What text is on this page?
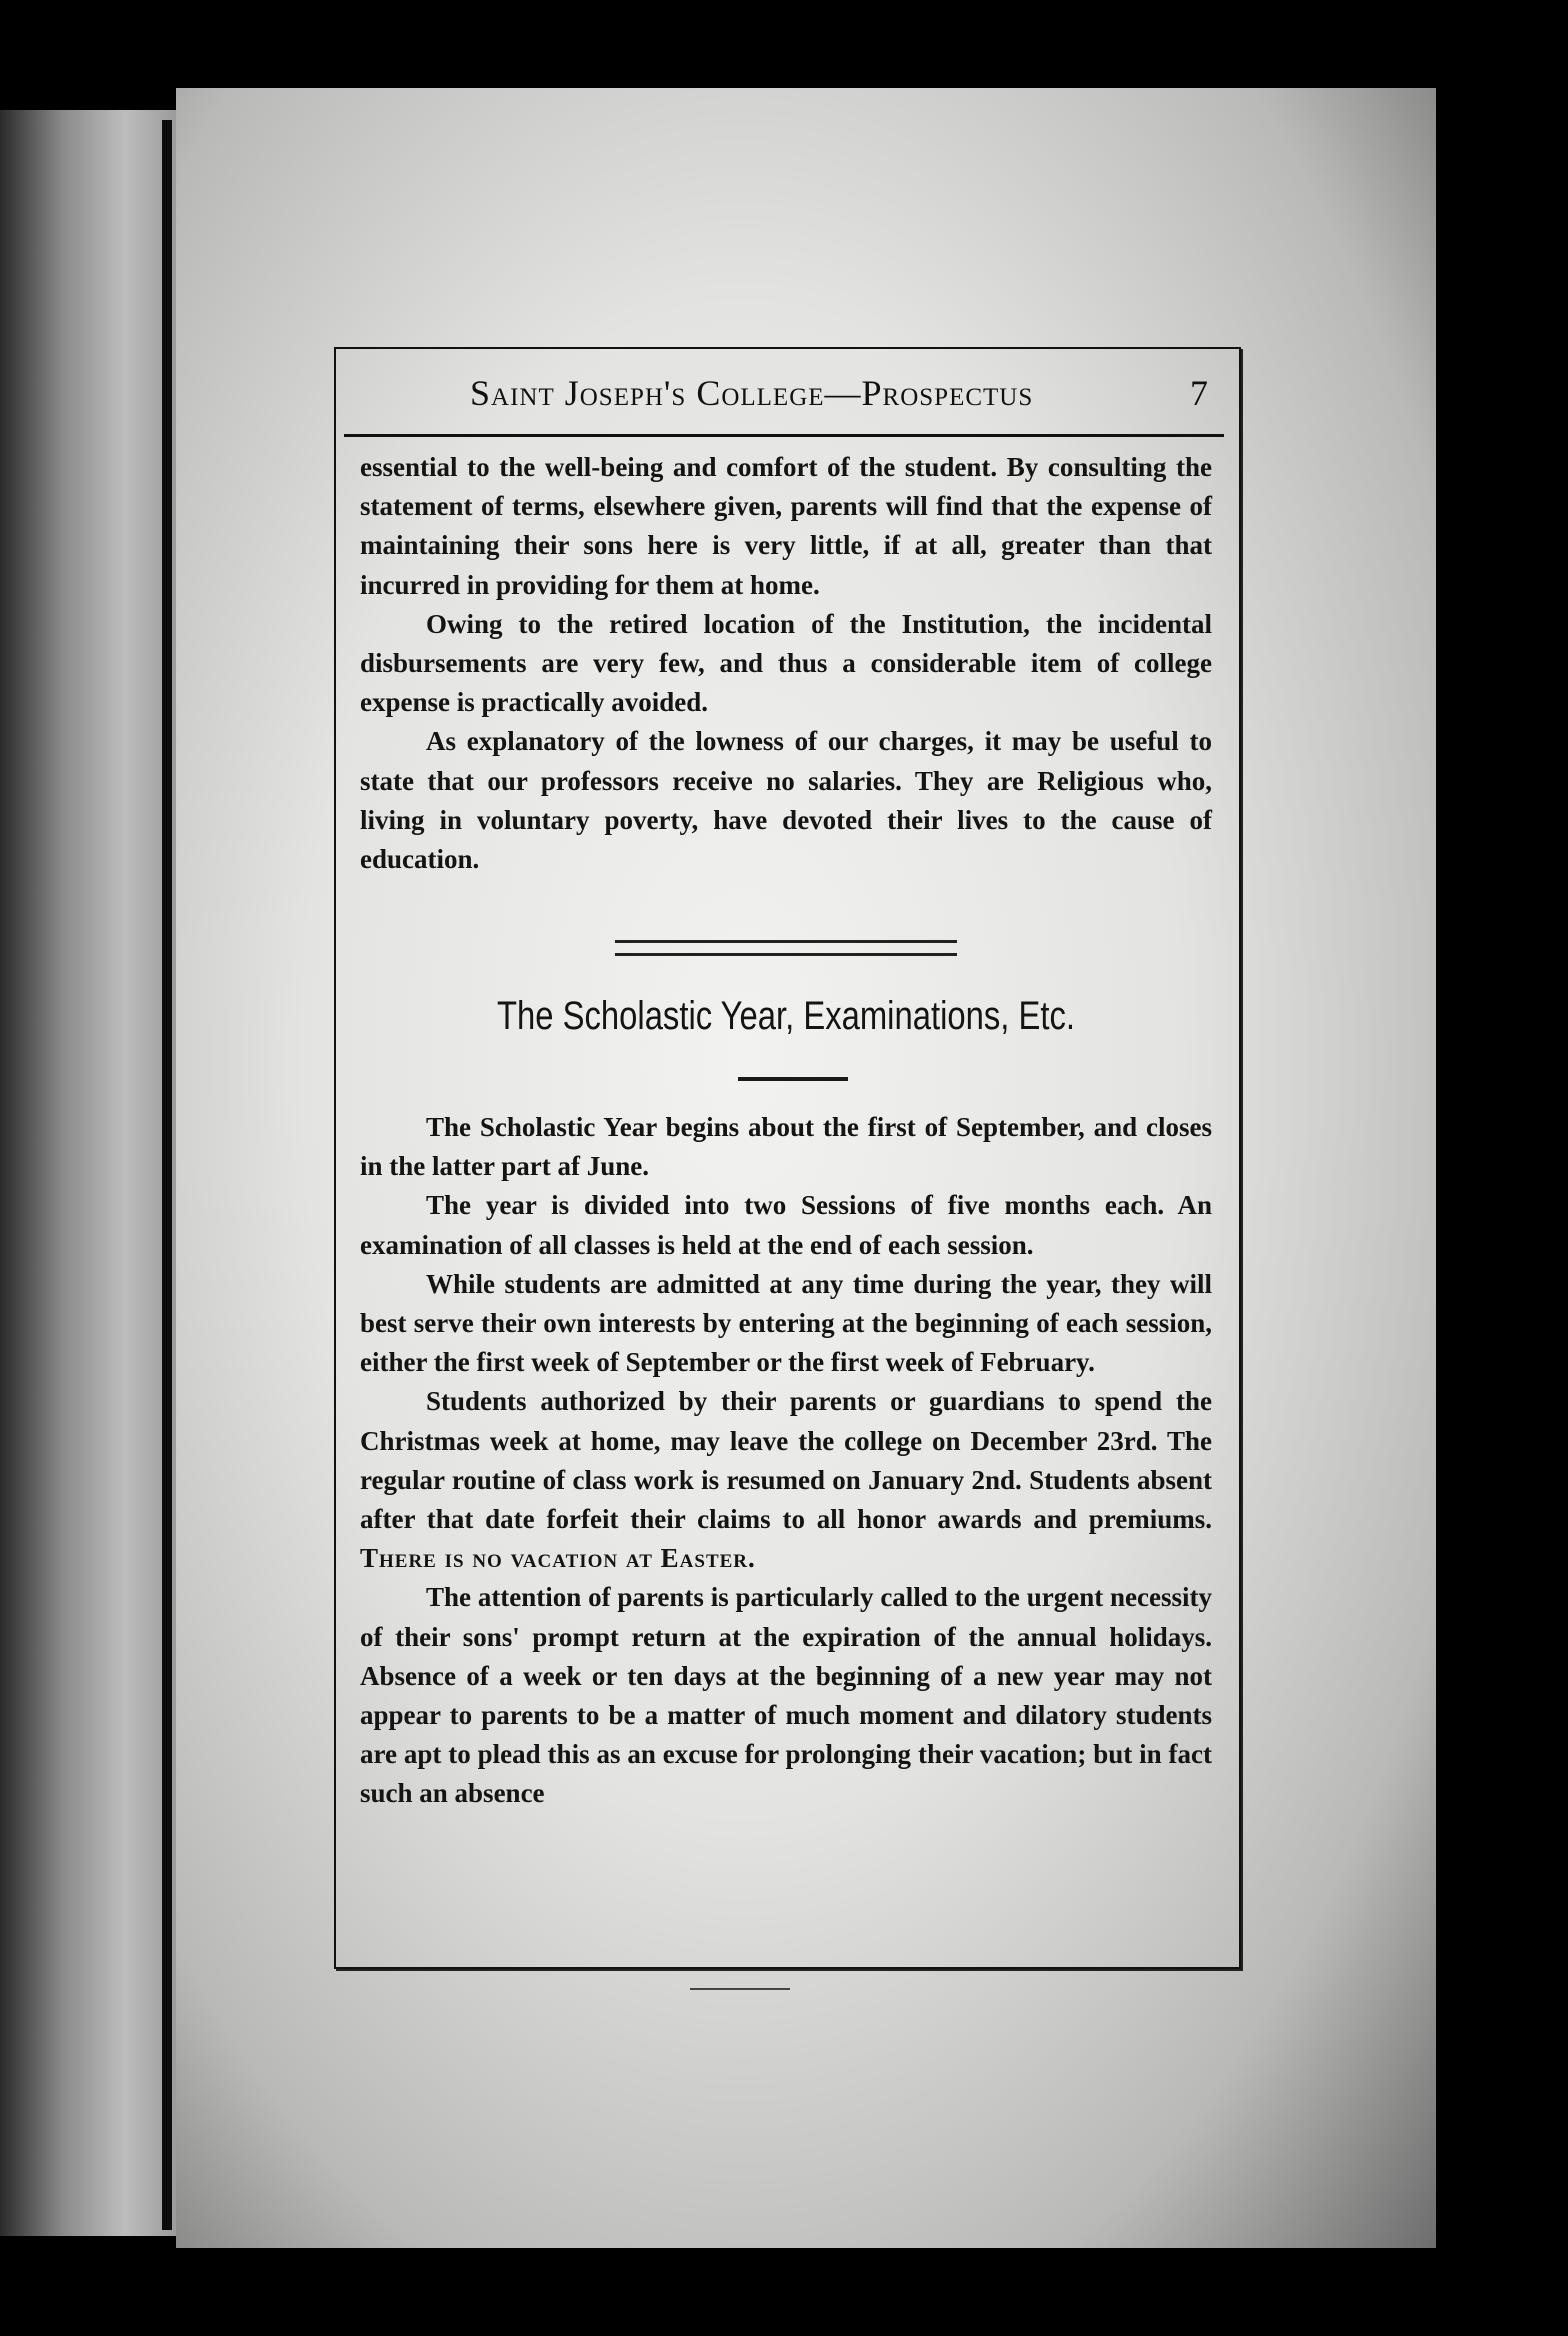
Saint Joseph's College—Prospectus	7

essential to the well-being and comfort of the student. By consulting the statement of terms, elsewhere given, parents will find that the expense of maintaining their sons here is very little, if at all, greater than that incurred in providing for them at home.

Owing to the retired location of the Institution, the incidental disbursements are very few, and thus a considerable item of college expense is practically avoided.

As explanatory of the lowness of our charges, it may be useful to state that our professors receive no salaries. They are Religious who, living in voluntary poverty, have devoted their lives to the cause of education.

The Scholastic Year, Examinations, Etc.

The Scholastic Year begins about the first of September, and closes in the latter part af June.

The year is divided into two Sessions of five months each. An examination of all classes is held at the end of each session.

While students are admitted at any time during the year, they will best serve their own interests by entering at the beginning of each session, either the first week of September or the first week of February.

Students authorized by their parents or guardians to spend the Christmas week at home, may leave the college on December 23rd. The regular routine of class work is resumed on January 2nd. Students absent after that date forfeit their claims to all honor awards and premiums. There is no vacation at Easter.

The attention of parents is particularly called to the urgent necessity of their sons' prompt return at the expiration of the annual holidays. Absence of a week or ten days at the beginning of a new year may not appear to parents to be a matter of much moment and dilatory students are apt to plead this as an excuse for prolonging their vacation; but in fact such an absence
